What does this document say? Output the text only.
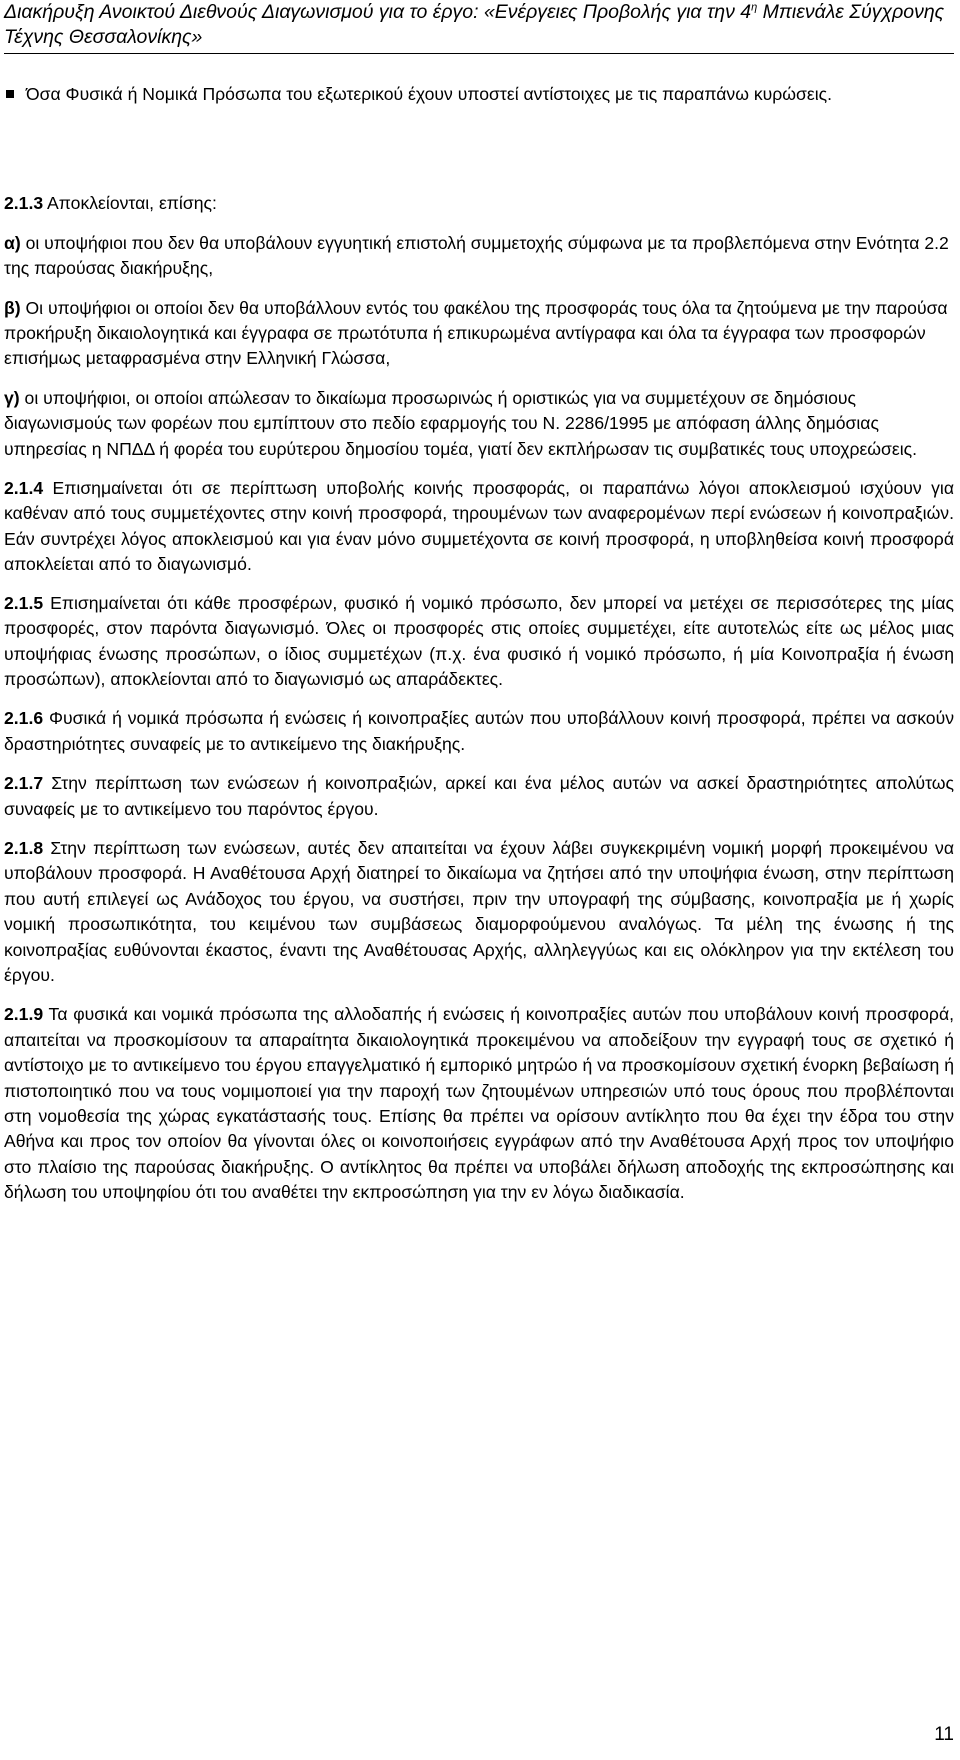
Διακήρυξη Ανοικτού Διεθνούς Διαγωνισμού για το έργο: «Ενέργειες Προβολής για την $4^\eta$ Μπιενάλε Σύγχρονης Τέχνης Θεσσαλονίκης»

Όσα Φυσικά ή Νομικά Πρόσωπα του εξωτερικού έχουν υποστεί αντίστοιχες με τις παραπάνω κυρώσεις.

2.1.3 Αποκλείονται, επίσης:

α) οι υποψήφιοι που δεν θα υποβάλουν εγγυητική επιστολή συμμετοχής σύμφωνα με τα προβλεπόμενα στην Ενότητα 2.2 της παρούσας διακήρυξης,

β) Οι υποψήφιοι οι οποίοι δεν θα υποβάλλουν εντός του φακέλου της προσφοράς τους όλα τα ζητούμενα με την παρούσα προκήρυξη δικαιολογητικά και έγγραφα σε πρωτότυπα ή επικυρωμένα αντίγραφα και όλα τα έγγραφα των προσφορών επισήμως μεταφρασμένα στην Ελληνική Γλώσσα,

γ) οι υποψήφιοι, οι οποίοι απώλεσαν το δικαίωμα προσωρινώς ή οριστικώς για να συμμετέχουν σε δημόσιους διαγωνισμούς των φορέων που εμπίπτουν στο πεδίο εφαρμογής του Ν. 2286/1995 με απόφαση άλλης δημόσιας υπηρεσίας η ΝΠΔΔ ή φορέα του ευρύτερου δημοσίου τομέα, γιατί δεν εκπλήρωσαν τις συμβατικές τους υποχρεώσεις.

2.1.4 Επισημαίνεται ότι σε περίπτωση υποβολής κοινής προσφοράς, οι παραπάνω λόγοι αποκλεισμού ισχύουν για καθέναν από τους συμμετέχοντες στην κοινή προσφορά, τηρουμένων των αναφερομένων περί ενώσεων ή κοινοπραξιών. Εάν συντρέχει λόγος αποκλεισμού και για έναν μόνο συμμετέχοντα σε κοινή προσφορά, η υποβληθείσα κοινή προσφορά αποκλείεται από το διαγωνισμό.

2.1.5 Επισημαίνεται ότι κάθε προσφέρων, φυσικό ή νομικό πρόσωπο, δεν μπορεί να μετέχει σε περισσότερες της μίας προσφορές, στον παρόντα διαγωνισμό. Όλες οι προσφορές στις οποίες συμμετέχει, είτε αυτοτελώς είτε ως μέλος μιας υποψήφιας ένωσης προσώπων, ο ίδιος συμμετέχων (π.χ. ένα φυσικό ή νομικό πρόσωπο, ή μία Κοινοπραξία ή ένωση προσώπων), αποκλείονται από το διαγωνισμό ως απαράδεκτες.

2.1.6 Φυσικά ή νομικά πρόσωπα ή ενώσεις ή κοινοπραξίες αυτών που υποβάλλουν κοινή προσφορά, πρέπει να ασκούν δραστηριότητες συναφείς με το αντικείμενο της διακήρυξης.

2.1.7 Στην περίπτωση των ενώσεων ή κοινοπραξιών, αρκεί και ένα μέλος αυτών να ασκεί δραστηριότητες απολύτως συναφείς με το αντικείμενο του παρόντος έργου.

2.1.8 Στην περίπτωση των ενώσεων, αυτές δεν απαιτείται να έχουν λάβει συγκεκριμένη νομική μορφή προκειμένου να υποβάλουν προσφορά. Η Αναθέτουσα Αρχή διατηρεί το δικαίωμα να ζητήσει από την υποψήφια ένωση, στην περίπτωση που αυτή επιλεγεί ως Ανάδοχος του έργου, να συστήσει, πριν την υπογραφή της σύμβασης, κοινοπραξία με ή χωρίς νομική προσωπικότητα, του κειμένου των συμβάσεως διαμορφούμενου αναλόγως. Τα μέλη της ένωσης ή της κοινοπραξίας ευθύνονται έκαστος, έναντι της Αναθέτουσας Αρχής, αλληλεγγύως και εις ολόκληρον για την εκτέλεση του έργου.

2.1.9 Τα φυσικά και νομικά πρόσωπα της αλλοδαπής ή ενώσεις ή κοινοπραξίες αυτών που υποβάλουν κοινή προσφορά, απαιτείται να προσκομίσουν τα απαραίτητα δικαιολογητικά προκειμένου να αποδείξουν την εγγραφή τους σε σχετικό ή αντίστοιχο με το αντικείμενο του έργου επαγγελματικό ή εμπορικό μητρώο ή να προσκομίσουν σχετική ένορκη βεβαίωση ή πιστοποιητικό που να τους νομιμοποιεί για την παροχή των ζητουμένων υπηρεσιών υπό τους όρους που προβλέπονται στη νομοθεσία της χώρας εγκατάστασής τους. Επίσης θα πρέπει να ορίσουν αντίκλητο που θα έχει την έδρα του στην Αθήνα και προς τον οποίον θα γίνονται όλες οι κοινοποιήσεις εγγράφων από την Αναθέτουσα Αρχή προς τον υποψήφιο στο πλαίσιο της παρούσας διακήρυξης. Ο αντίκλητος θα πρέπει να υποβάλει δήλωση αποδοχής της εκπροσώπησης και δήλωση του υποψηφίου ότι του αναθέτει την εκπροσώπηση για την εν λόγω διαδικασία.

11
